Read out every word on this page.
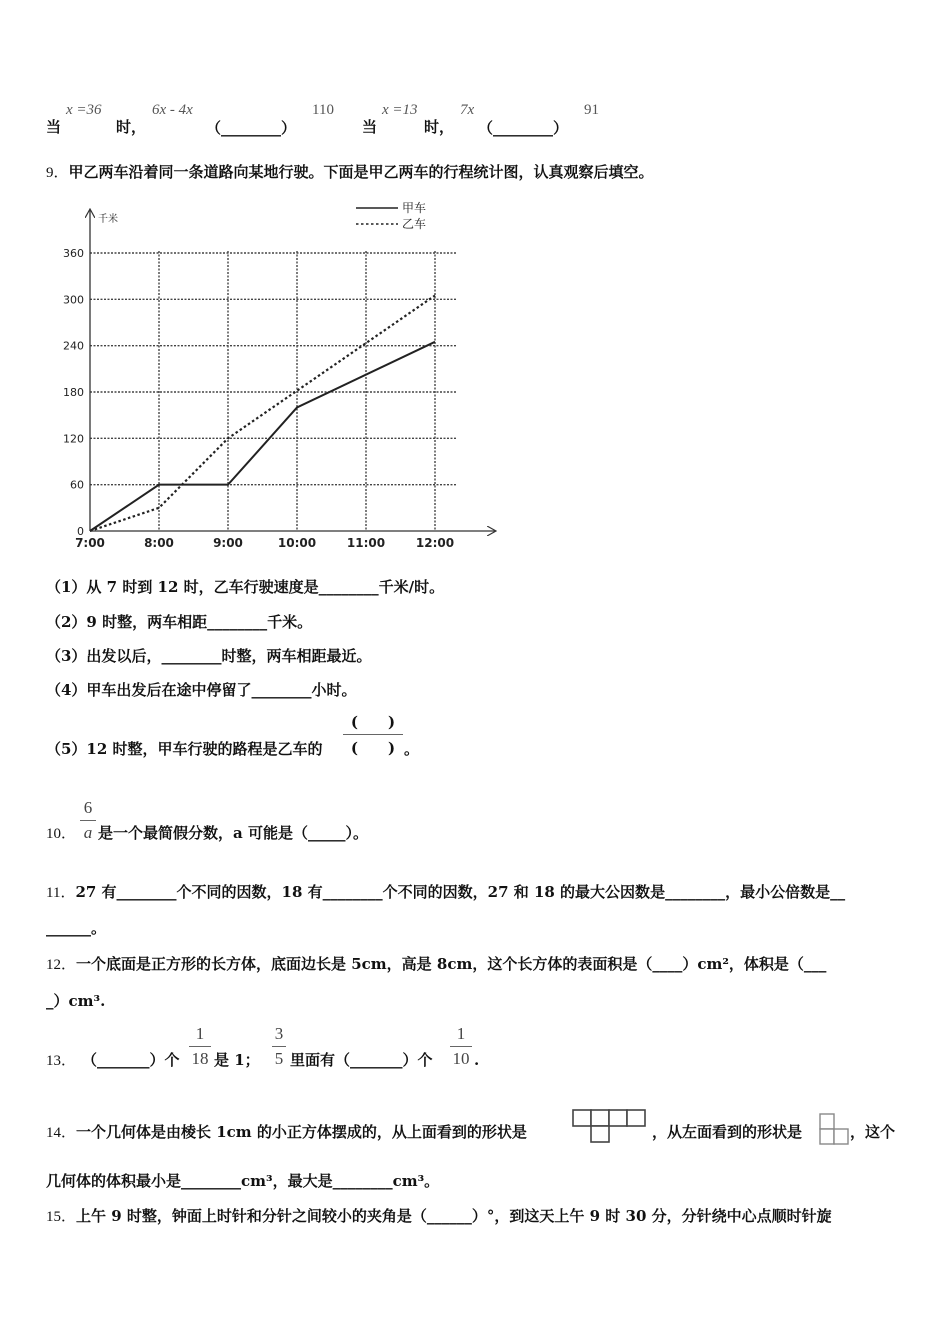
当
x =36
时，
6x - 4x
（________）
110
当
x =13
时，
7x
（________）
91
9．甲乙两车沿着同一条道路向某地行驶。下面是甲乙两车的行程统计图，认真观察后填空。
千米
0
60
120
180
240
300
360
7:00	8:00	9:00	10:00	11:00	12:00
甲车
乙车
（1）从 7 时到 12 时，乙车行驶速度是________千米/时。
（2）9 时整，两车相距________千米。
（3）出发以后，________时整，两车相距最近。
（4）甲车出发后在途中停留了________小时。
（5）12 时整，甲车行驶的路程是乙车的
(　　)
(　　) 。
10．
6
a 是一个最简假分数，a 可能是（_____）。
11．27 有________个不同的因数，18 有________个不同的因数，27 和 18 的最大公因数是________，最小公倍数是__
______。
12．一个底面是正方形的长方体，底面边长是 5cm，高是 8cm，这个长方体的表面积是（____）cm²，体积是（___
_）cm³.
13． （_______）个
1
18 是 1；
3
5 里面有（_______）个
1
10 .
14．一个几何体是由棱长 1cm 的小正方体摆成的，从上面看到的形状是	，从左面看到的形状是	，这个
几何体的体积最小是________cm³，最大是________cm³。
15．上午 9 时整，钟面上时针和分针之间较小的夹角是（______）°，到这天上午 9 时 30 分，分针绕中心点顺时针旋
